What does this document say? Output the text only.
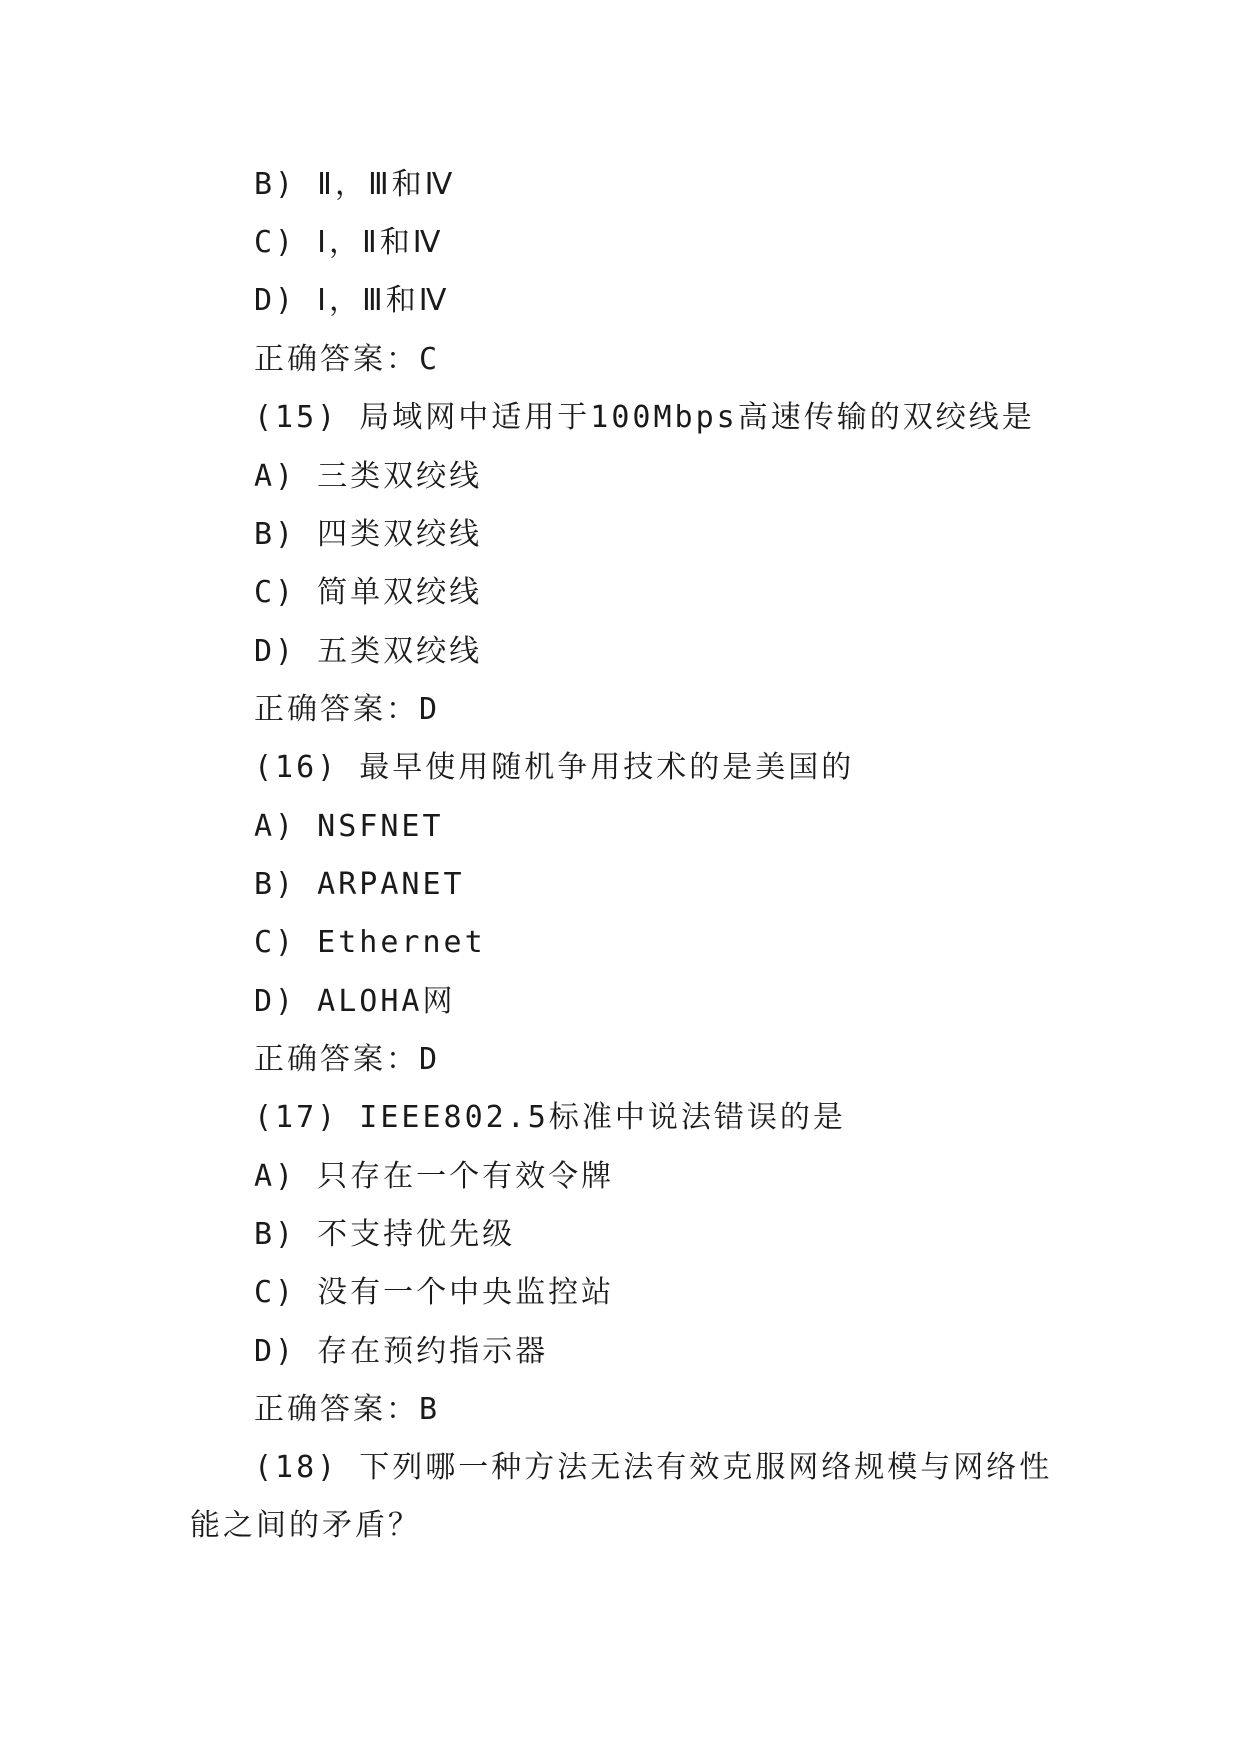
B) Ⅱ，Ⅲ和Ⅳ
C) Ⅰ，Ⅱ和Ⅳ
D) Ⅰ，Ⅲ和Ⅳ
正确答案：C
(15) 局域网中适用于100Mbps高速传输的双绞线是
A) 三类双绞线
B) 四类双绞线
C) 简单双绞线
D) 五类双绞线
正确答案：D
(16) 最早使用随机争用技术的是美国的
A) NSFNET
B) ARPANET
C) Ethernet
D) ALOHA网
正确答案：D
(17) IEEE802.5标准中说法错误的是
A) 只存在一个有效令牌
B) 不支持优先级
C) 没有一个中央监控站
D) 存在预约指示器
正确答案：B
(18) 下列哪一种方法无法有效克服网络规模与网络性
能之间的矛盾？
